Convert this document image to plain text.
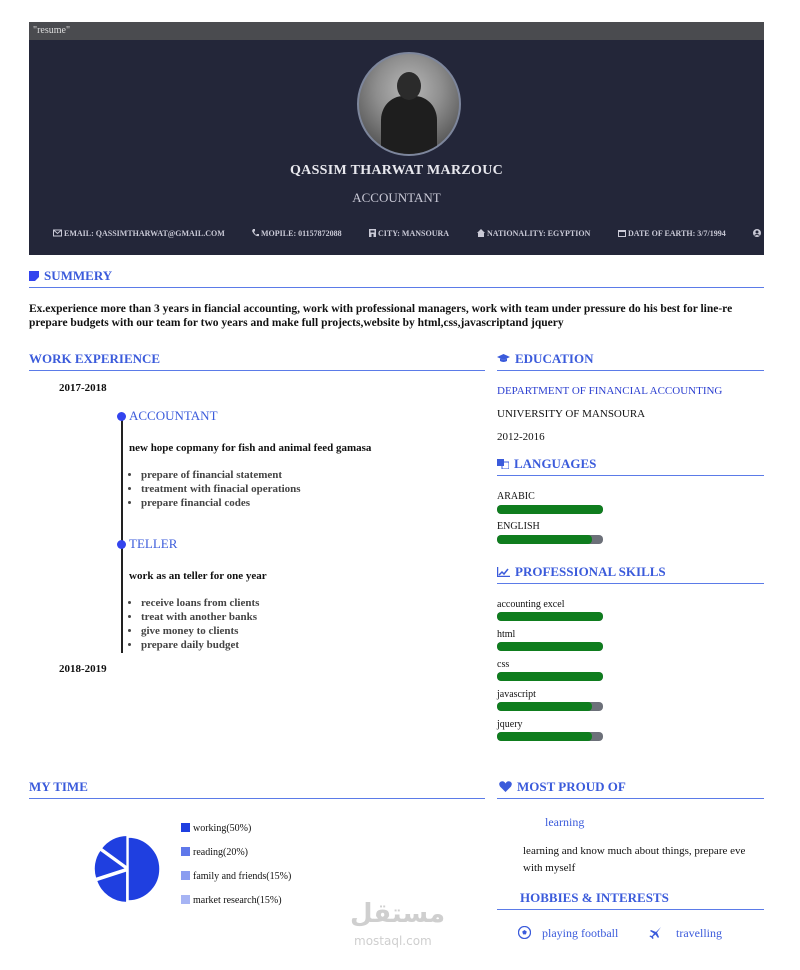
"resume"
QASSIM THARWAT MARZOUC
ACCOUNTANT
EMAIL: QASSIMTHARWAT@GMAIL.COM	MOPILE: 01157872088	CITY: MANSOURA	NATIONALITY: EGYPTION	DATE OF EARTH: 3/7/1994
SUMMERY
Ex.experience more than 3 years in fiancial accounting, work with professional managers, work with team under pressure do his best for line-re
prepare budgets with our team for two years and make full projects,website by html,css,javascriptand jquery
WORK EXPERIENCE
2017-2018
ACCOUNTANT
new hope copmany for fish and animal feed gamasa
• prepare of financial statement
• treatment with finacial operations
• prepare financial codes
TELLER
work as an teller for one year
• receive loans from clients
• treat with another banks
• give money to clients
• prepare daily budget
2018-2019
EDUCATION
DEPARTMENT OF FINANCIAL ACCOUNTING
UNIVERSITY OF MANSOURA
2012-2016
LANGUAGES
ARABIC
ENGLISH
PROFESSIONAL SKILLS
accounting excel
html
css
javascript
jquery
MY TIME
working(50%)
reading(20%)
family and friends(15%)
market research(15%)
MOST PROUD OF
learning
learning and know much about things, prepare eve
with myself
HOBBIES & INTERESTS
playing football	travelling
مستقل
mostaql.com
